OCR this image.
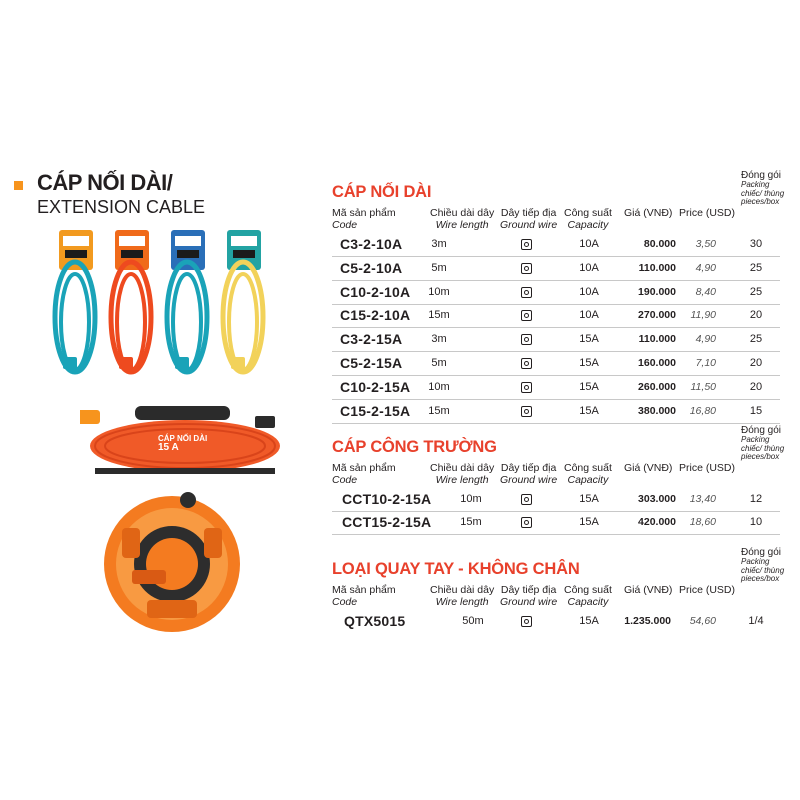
CÁP NỐI DÀI/
EXTENSION CABLE
CÁP NỐI DÀI
15 A
CÁP NỐI DÀI
Mã sản phẩm
Code
Chiều dài dây
Wire length
Dây tiếp địa
Ground wire
Công suất
Capacity
Giá (VNĐ) Price (USD)
Đóng gói
Packing
chiếc/ thùng
pieces/box
C3-2-10A	3m	10A	80.000	3,50	30
C5-2-10A	5m	10A	110.000	4,90	25
C10-2-10A	10m	10A	190.000	8,40	25
C15-2-10A	15m	10A	270.000	11,90	20
C3-2-15A	3m	15A	110.000	4,90	25
C5-2-15A	5m	15A	160.000	7,10	20
C10-2-15A	10m	15A	260.000	11,50	20
C15-2-15A	15m	15A	380.000	16,80	15
CÁP CÔNG TRƯỜNG
Mã sản phẩm
Code
Chiều dài dây
Wire length
Dây tiếp địa
Ground wire
Công suất
Capacity
Giá (VNĐ) Price (USD)
Đóng gói
Packing
chiếc/ thùng
pieces/box
CCT10-2-15A	10m	15A	303.000	13,40	12
CCT15-2-15A	15m	15A	420.000	18,60	10
LOẠI QUAY TAY - KHÔNG CHÂN
Mã sản phẩm
Code
Chiều dài dây
Wire length
Dây tiếp địa
Ground wire
Công suất
Capacity
Giá (VNĐ) Price (USD)
Đóng gói
Packing
chiếc/ thùng
pieces/box
QTX5015	50m	15A	1.235.000	54,60	1/4
